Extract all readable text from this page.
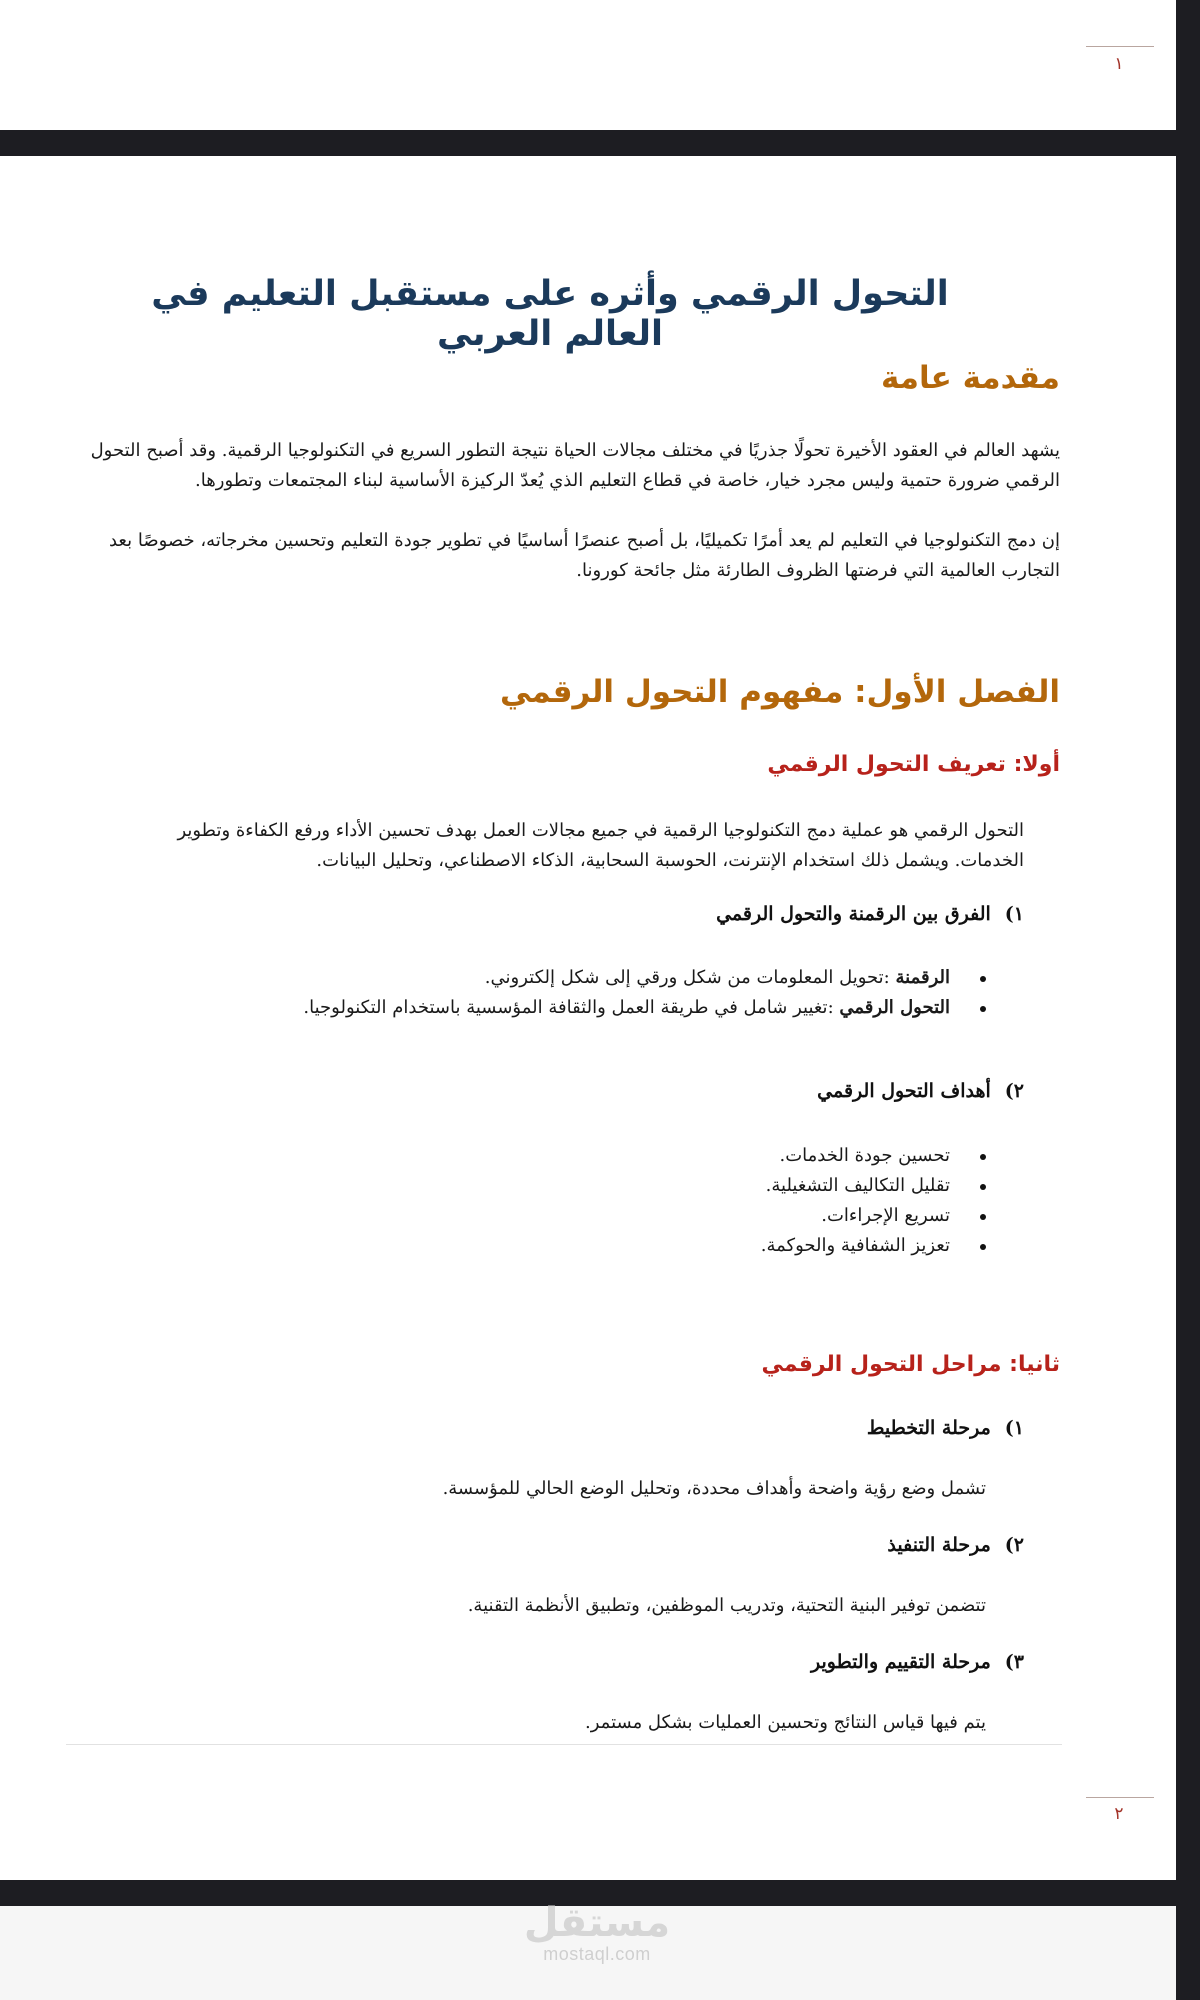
١
التحول الرقمي وأثره على مستقبل التعليم في العالم العربي
مقدمة عامة
يشهد العالم في العقود الأخيرة تحولًا جذريًا في مختلف مجالات الحياة نتيجة التطور السريع في التكنولوجيا الرقمية. وقد أصبح التحول الرقمي ضرورة حتمية وليس مجرد خيار، خاصة في قطاع التعليم الذي يُعدّ الركيزة الأساسية لبناء المجتمعات وتطورها.
إن دمج التكنولوجيا في التعليم لم يعد أمرًا تكميليًا، بل أصبح عنصرًا أساسيًا في تطوير جودة التعليم وتحسين مخرجاته، خصوصًا بعد التجارب العالمية التي فرضتها الظروف الطارئة مثل جائحة كورونا.
الفصل الأول: مفهوم التحول الرقمي
أولا: تعريف التحول الرقمي
التحول الرقمي هو عملية دمج التكنولوجيا الرقمية في جميع مجالات العمل بهدف تحسين الأداء ورفع الكفاءة وتطوير الخدمات. ويشمل ذلك استخدام الإنترنت، الحوسبة السحابية، الذكاء الاصطناعي، وتحليل البيانات.
١)الفرق بين الرقمنة والتحول الرقمي
الرقمنة :تحويل المعلومات من شكل ورقي إلى شكل إلكتروني.
التحول الرقمي :تغيير شامل في طريقة العمل والثقافة المؤسسية باستخدام التكنولوجيا.
٢)أهداف التحول الرقمي
تحسين جودة الخدمات.
تقليل التكاليف التشغيلية.
تسريع الإجراءات.
تعزيز الشفافية والحوكمة.
ثانيا: مراحل التحول الرقمي
١)مرحلة التخطيط
تشمل وضع رؤية واضحة وأهداف محددة، وتحليل الوضع الحالي للمؤسسة.
٢)مرحلة التنفيذ
تتضمن توفير البنية التحتية، وتدريب الموظفين، وتطبيق الأنظمة التقنية.
٣)مرحلة التقييم والتطوير
يتم فيها قياس النتائج وتحسين العمليات بشكل مستمر.
٢
مستقل
mostaql.com
